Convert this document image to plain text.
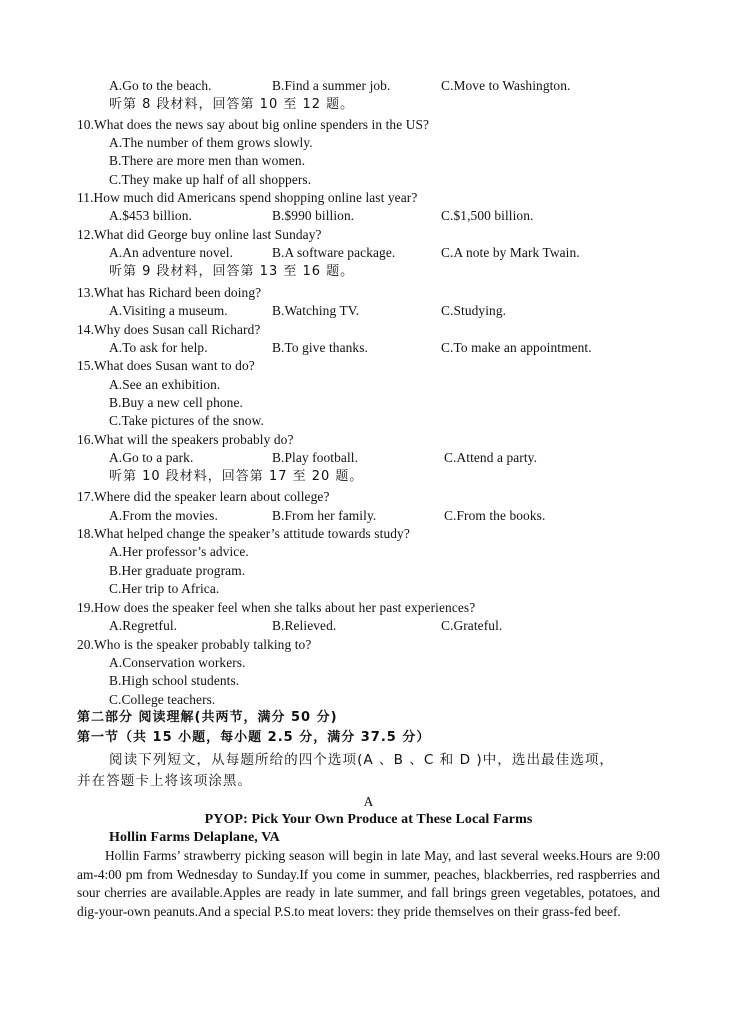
A.Go to the beach.	B.Find a summer job.	C.Move to Washington.
听第 8 段材料，回答第 10 至 12 题。
10.What does the news say about big online spenders in the US?
A.The number of them grows slowly.
B.There are more men than women.
C.They make up half of all shoppers.
11.How much did Americans spend shopping online last year?
A.$453 billion.	B.$990 billion.	C.$1,500 billion.
12.What did George buy online last Sunday?
A.An adventure novel.	B.A software package.	C.A note by Mark Twain.
听第 9 段材料，回答第 13 至 16 题。
13.What has Richard been doing?
A.Visiting a museum.	B.Watching TV.	C.Studying.
14.Why does Susan call Richard?
A.To ask for help.	B.To give thanks.	C.To make an appointment.
15.What does Susan want to do?
A.See an exhibition.
B.Buy a new cell phone.
C.Take pictures of the snow.
16.What will the speakers probably do?
A.Go to a park.	B.Play football.	C.Attend a party.
听第 10 段材料，回答第 17 至 20 题。
17.Where did the speaker learn about college?
A.From the movies.	B.From her family.	C.From the books.
18.What helped change the speaker’s attitude towards study?
A.Her professor’s advice.
B.Her graduate program.
C.Her trip to Africa.
19.How does the speaker feel when she talks about her past experiences?
A.Regretful.	B.Relieved.	C.Grateful.
20.Who is the speaker probably talking to?
A.Conservation workers.
B.High school students.
C.College teachers.
第二部分 阅读理解(共两节，满分 50 分)
第一节（共 15 小题，每小题 2.5 分，满分 37.5 分）
阅读下列短文，从每题所给的四个选项(A 、B 、C 和 D )中，选出最佳选项，
并在答题卡上将该项涂黑。
A
PYOP: Pick Your Own Produce at These Local Farms
Hollin Farms Delaplane, VA
Hollin Farms’ strawberry picking season will begin in late May, and last several weeks.Hours are 9:00 am-4:00 pm from Wednesday to Sunday.If you come in summer, peaches, blackberries, red raspberries and sour cherries are available.Apples are ready in late summer, and fall brings green vegetables, potatoes, and dig-your-own peanuts.And a special P.S.to meat lovers: they pride themselves on their grass-fed beef.
